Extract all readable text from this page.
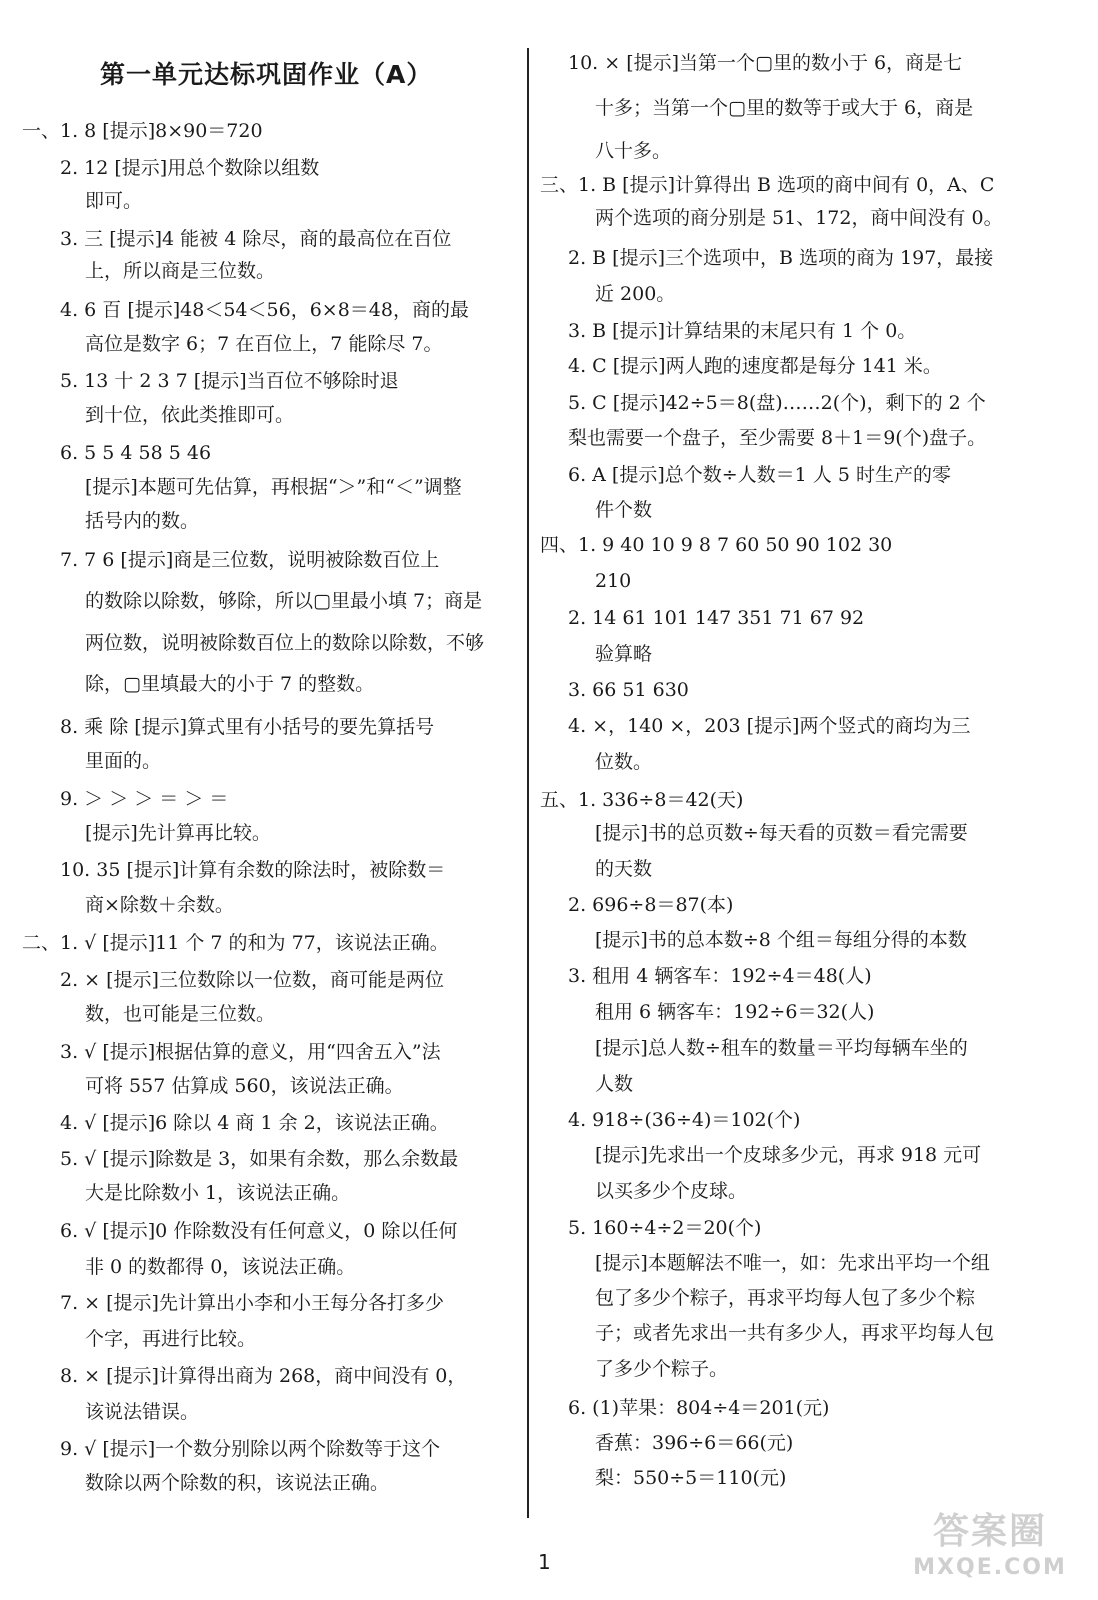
第一单元达标巩固作业（A）
一、1. 8 [提示]8×90＝720
2. 12 [提示]用总个数除以组数
即可。
3. 三 [提示]4 能被 4 除尽，商的最高位在百位
上，所以商是三位数。
4. 6 百 [提示]48＜54＜56，6×8＝48，商的最
高位是数字 6；7 在百位上，7 能除尽 7。
5. 13 十 2 3 7 [提示]当百位不够除时退
到十位，依此类推即可。
6. 5 5 4 58 5 46
[提示]本题可先估算，再根据“＞”和“＜”调整
括号内的数。
7. 7 6 [提示]商是三位数，说明被除数百位上
的数除以除数，够除，所以▢里最小填 7；商是
两位数，说明被除数百位上的数除以除数，不够
除，▢里填最大的小于 7 的整数。
8. 乘 除 [提示]算式里有小括号的要先算括号
里面的。
9. ＞ ＞ ＞ ＝ ＞ ＝
[提示]先计算再比较。
10. 35 [提示]计算有余数的除法时，被除数＝
商×除数＋余数。
二、1. √ [提示]11 个 7 的和为 77，该说法正确。
2. × [提示]三位数除以一位数，商可能是两位
数，也可能是三位数。
3. √ [提示]根据估算的意义，用“四舍五入”法
可将 557 估算成 560，该说法正确。
4. √ [提示]6 除以 4 商 1 余 2，该说法正确。
5. √ [提示]除数是 3，如果有余数，那么余数最
大是比除数小 1，该说法正确。
6. √ [提示]0 作除数没有任何意义，0 除以任何
非 0 的数都得 0，该说法正确。
7. × [提示]先计算出小李和小王每分各打多少
个字，再进行比较。
8. × [提示]计算得出商为 268，商中间没有 0，
该说法错误。
9. √ [提示]一个数分别除以两个除数等于这个
数除以两个除数的积，该说法正确。
10. × [提示]当第一个▢里的数小于 6，商是七
十多；当第一个▢里的数等于或大于 6，商是
八十多。
三、1. B [提示]计算得出 B 选项的商中间有 0，A、C
两个选项的商分别是 51、172，商中间没有 0。
2. B [提示]三个选项中，B 选项的商为 197，最接
近 200。
3. B [提示]计算结果的末尾只有 1 个 0。
4. C [提示]两人跑的速度都是每分 141 米。
5. C [提示]42÷5＝8(盘)……2(个)，剩下的 2 个
梨也需要一个盘子，至少需要 8＋1＝9(个)盘子。
6. A [提示]总个数÷人数＝1 人 5 时生产的零
件个数
四、1. 9 40 10 9 8 7 60 50 90 102 30
210
2. 14 61 101 147 351 71 67 92
验算略
3. 66 51 630
4. ×，140 ×，203 [提示]两个竖式的商均为三
位数。
五、1. 336÷8＝42(天)
[提示]书的总页数÷每天看的页数＝看完需要
的天数
2. 696÷8＝87(本)
[提示]书的总本数÷8 个组＝每组分得的本数
3. 租用 4 辆客车：192÷4＝48(人)
租用 6 辆客车：192÷6＝32(人)
[提示]总人数÷租车的数量＝平均每辆车坐的
人数
4. 918÷(36÷4)＝102(个)
[提示]先求出一个皮球多少元，再求 918 元可
以买多少个皮球。
5. 160÷4÷2＝20(个)
[提示]本题解法不唯一，如：先求出平均一个组
包了多少个粽子，再求平均每人包了多少个粽
子；或者先求出一共有多少人，再求平均每人包
了多少个粽子。
6. (1)苹果：804÷4＝201(元)
香蕉：396÷6＝66(元)
梨：550÷5＝110(元)
1
答案圈
MXQE.COM
